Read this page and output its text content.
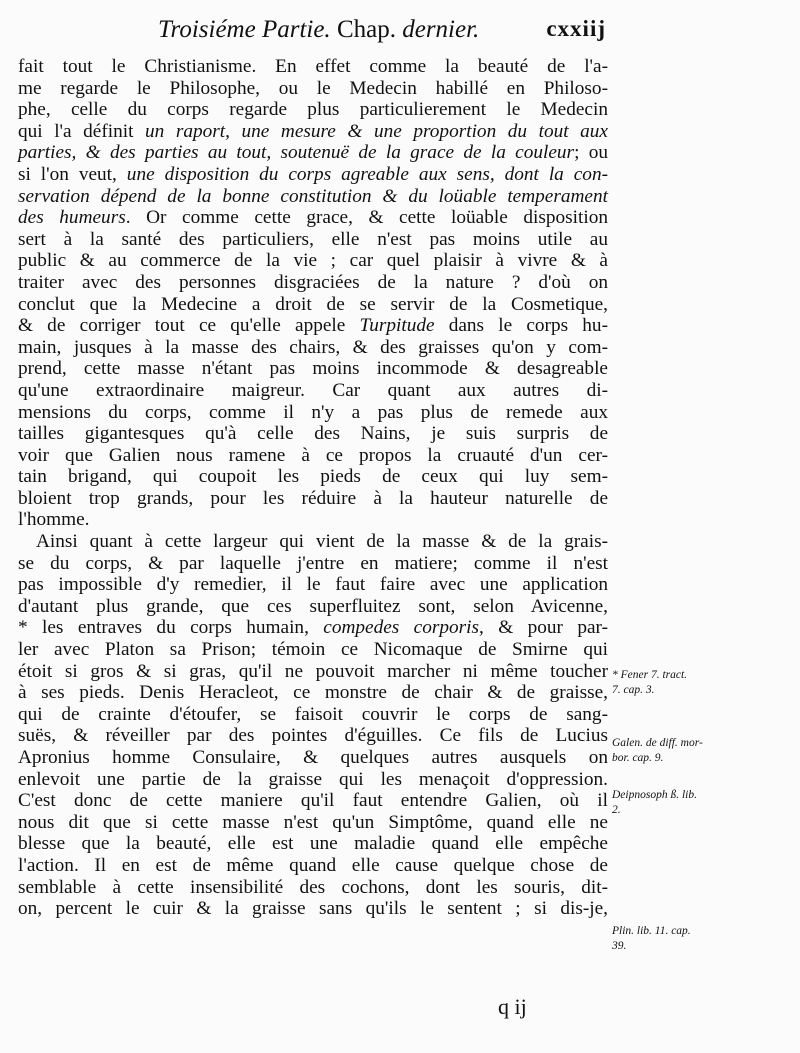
Troisiéme Partie. Chap. dernier.	cxxiij
fait tout le Christianisme. En effet comme la beauté de l'a-
me regarde le Philosophe, ou le Medecin habillé en Philoso-
phe, celle du corps regarde plus particulierement le Medecin
qui l'a définit un raport, une mesure & une proportion du tout aux
parties, & des parties au tout, soutenuë de la grace de la couleur; ou
si l'on veut, une disposition du corps agreable aux sens, dont la con-
servation dépend de la bonne constitution & du loüable temperament
des humeurs. Or comme cette grace, & cette loüable disposition
sert à la santé des particuliers, elle n'est pas moins utile au
public & au commerce de la vie ; car quel plaisir à vivre & à
traiter avec des personnes disgraciées de la nature ? d'où on
conclut que la Medecine a droit de se servir de la Cosmetique,
& de corriger tout ce qu'elle appele Turpitude dans le corps hu-
main, jusques à la masse des chairs, & des graisses qu'on y com-
prend, cette masse n'étant pas moins incommode & desagreable
qu'une extraordinaire maigreur. Car quant aux autres di-
mensions du corps, comme il n'y a pas plus de remede aux
tailles gigantesques qu'à celle des Nains, je suis surpris de
voir que Galien nous ramene à ce propos la cruauté d'un cer-
tain brigand, qui coupoit les pieds de ceux qui luy sem-
bloient trop grands, pour les réduire à la hauteur naturelle de
l'homme.
Ainsi quant à cette largeur qui vient de la masse & de la grais-
se du corps, & par laquelle j'entre en matiere; comme il n'est
pas impossible d'y remedier, il le faut faire avec une application
d'autant plus grande, que ces superfluitez sont, selon Avicenne,
* les entraves du corps humain, compedes corporis, & pour par-
ler avec Platon sa Prison; témoin ce Nicomaque de Smirne qui
étoit si gros & si gras, qu'il ne pouvoit marcher ni même toucher
à ses pieds. Denis Heracleot, ce monstre de chair & de graisse,
qui de crainte d'étoufer, se faisoit couvrir le corps de sang-
suës, & réveiller par des pointes d'éguilles. Ce fils de Lucius
Apronius homme Consulaire, & quelques autres ausquels on
enlevoit une partie de la graisse qui les menaçoit d'oppression.
C'est donc de cette maniere qu'il faut entendre Galien, où il
nous dit que si cette masse n'est qu'un Simptôme, quand elle ne
blesse que la beauté, elle est une maladie quand elle empêche
l'action. Il en est de même quand elle cause quelque chose de
semblable à cette insensibilité des cochons, dont les souris, dit-
on, percent le cuir & la graisse sans qu'ils le sentent ; si dis-je,
* Fener 7. tract.
7. cap. 3.
Galen. de diff. mor-
bor. cap. 9.
Deipnosoph ß. lib.
2.
Plin. lib. 11. cap.
39.
q ij
